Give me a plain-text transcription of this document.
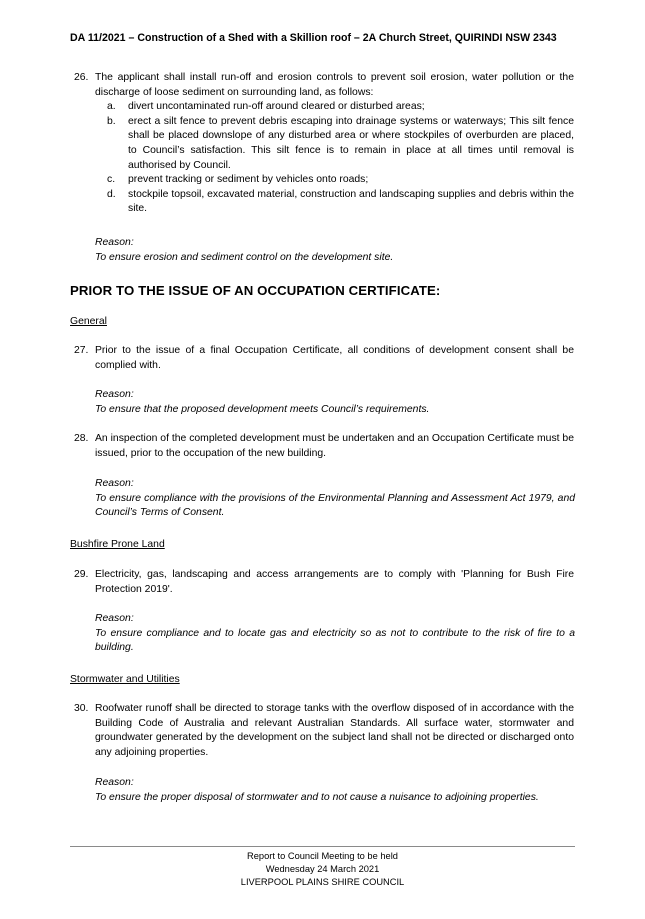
DA 11/2021 – Construction of a Shed with a Skillion roof – 2A Church Street, QUIRINDI NSW 2343
26. The applicant shall install run-off and erosion controls to prevent soil erosion, water pollution or the discharge of loose sediment on surrounding land, as follows:
a. divert uncontaminated run-off around cleared or disturbed areas;
b. erect a silt fence to prevent debris escaping into drainage systems or waterways; This silt fence shall be placed downslope of any disturbed area or where stockpiles of overburden are placed, to Council’s satisfaction. This silt fence is to remain in place at all times until removal is authorised by Council.
c. prevent tracking or sediment by vehicles onto roads;
d. stockpile topsoil, excavated material, construction and landscaping supplies and debris within the site.
Reason:
To ensure erosion and sediment control on the development site.
PRIOR TO THE ISSUE OF AN OCCUPATION CERTIFICATE:
General
27. Prior to the issue of a final Occupation Certificate, all conditions of development consent shall be complied with.
Reason:
To ensure that the proposed development meets Council’s requirements.
28. An inspection of the completed development must be undertaken and an Occupation Certificate must be issued, prior to the occupation of the new building.
Reason:
To ensure compliance with the provisions of the Environmental Planning and Assessment Act 1979, and Council’s Terms of Consent.
Bushfire Prone Land
29. Electricity, gas, landscaping and access arrangements are to comply with 'Planning for Bush Fire Protection 2019'.
Reason:
To ensure compliance and to locate gas and electricity so as not to contribute to the risk of fire to a building.
Stormwater and Utilities
30. Roofwater runoff shall be directed to storage tanks with the overflow disposed of in accordance with the Building Code of Australia and relevant Australian Standards. All surface water, stormwater and groundwater generated by the development on the subject land shall not be directed or discharged onto any adjoining properties.
Reason:
To ensure the proper disposal of stormwater and to not cause a nuisance to adjoining properties.
Report to Council Meeting to be held
Wednesday 24 March 2021
LIVERPOOL PLAINS SHIRE COUNCIL
